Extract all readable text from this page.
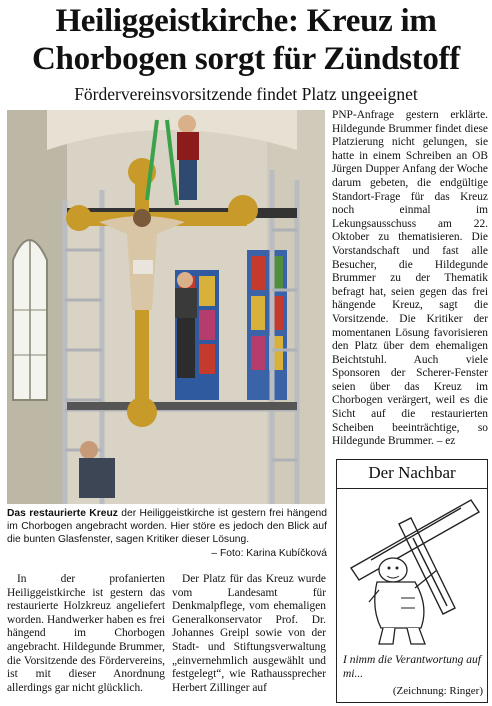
Heiliggeistkirche: Kreuz im
Chorbogen sorgt für Zündstoff
Fördervereinsvorsitzende findet Platz ungeeignet
Das restaurierte Kreuz der Heiliggeistkirche ist gestern frei hängend im Chorbogen angebracht worden. Hier störe es jedoch den Blick auf die bunten Glasfenster, sagen Kritiker dieser Lösung.
– Foto: Karina Kubíčková
PNP-Anfrage gestern erklärte. Hildegunde Brummer findet diese Platzierung nicht gelungen, sie hatte in einem Schreiben an OB Jürgen Dupper Anfang der Woche darum gebeten, die endgültige Standort-Frage für das Kreuz noch einmal im Lekungsausschuss am 22. Oktober zu thematisieren. Die Vorstandschaft und fast alle Besucher, die Hildegunde Brummer zu der Thematik befragt hat, seien gegen das frei hängende Kreuz, sagt die Vorsitzende. Die Kritiker der momentanen Lösung favorisieren den Platz über dem ehemaligen Beichtstuhl. Auch viele Sponsoren der Scherer-Fenster seien über das Kreuz im Chorbogen verärgert, weil es die Sicht auf die restaurierten Scheiben beeinträchtige, so Hildegunde Brummer. – ez
In der profanierten Heiliggeistkirche ist gestern das restaurierte Holzkreuz angeliefert worden. Handwerker haben es frei hängend im Chorbogen angebracht. Hildegunde Brummer, die Vorsitzende des Fördervereins, ist mit dieser Anordnung allerdings gar nicht glücklich.
Der Platz für das Kreuz wurde vom Landesamt für Denkmalpflege, vom ehemaligen Generalkonservator Prof. Dr. Johannes Greipl sowie von der Stadt- und Stiftungsverwaltung „einvernehmlich ausgewählt und festgelegt“, wie Rathaussprecher Herbert Zillinger auf
Der Nachbar
I nimm die Verantwortung auf mi...
(Zeichnung: Ringer)
